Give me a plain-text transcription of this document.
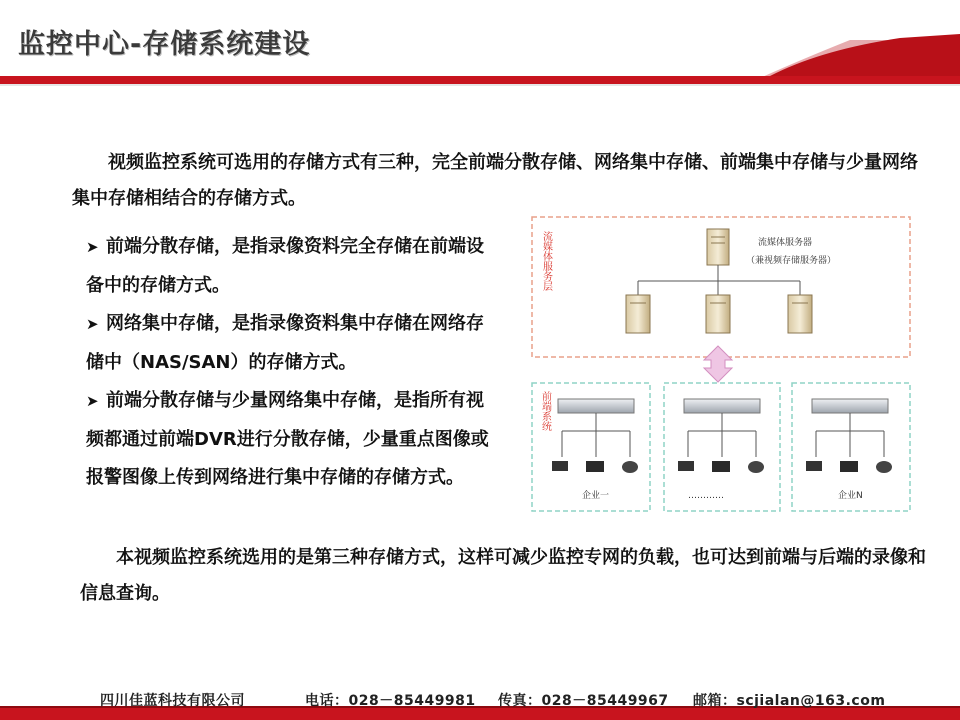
监控中心-存储系统建设
视频监控系统可选用的存储方式有三种，完全前端分散存储、网络集中存储、前端集中存储与少量网络集中存储相结合的存储方式。
➤ 前端分散存储，是指录像资料完全存储在前端设备中的存储方式。
➤ 网络集中存储，是指录像资料集中存储在网络存储中（NAS/SAN）的存储方式。
➤ 前端分散存储与少量网络集中存储，是指所有视频都通过前端DVR进行分散存储，少量重点图像或报警图像上传到网络进行集中存储的存储方式。
流媒体服务层	流媒体服务器
（兼视频存储服务器）
前端系统
企业一	…………	企业N
本视频监控系统选用的是第三种存储方式，这样可减少监控专网的负载，也可达到前端与后端的录像和信息查询。
四川佳蓝科技有限公司	电话：028－85449981 传真：028－85449967 邮箱：scjialan@163.com
